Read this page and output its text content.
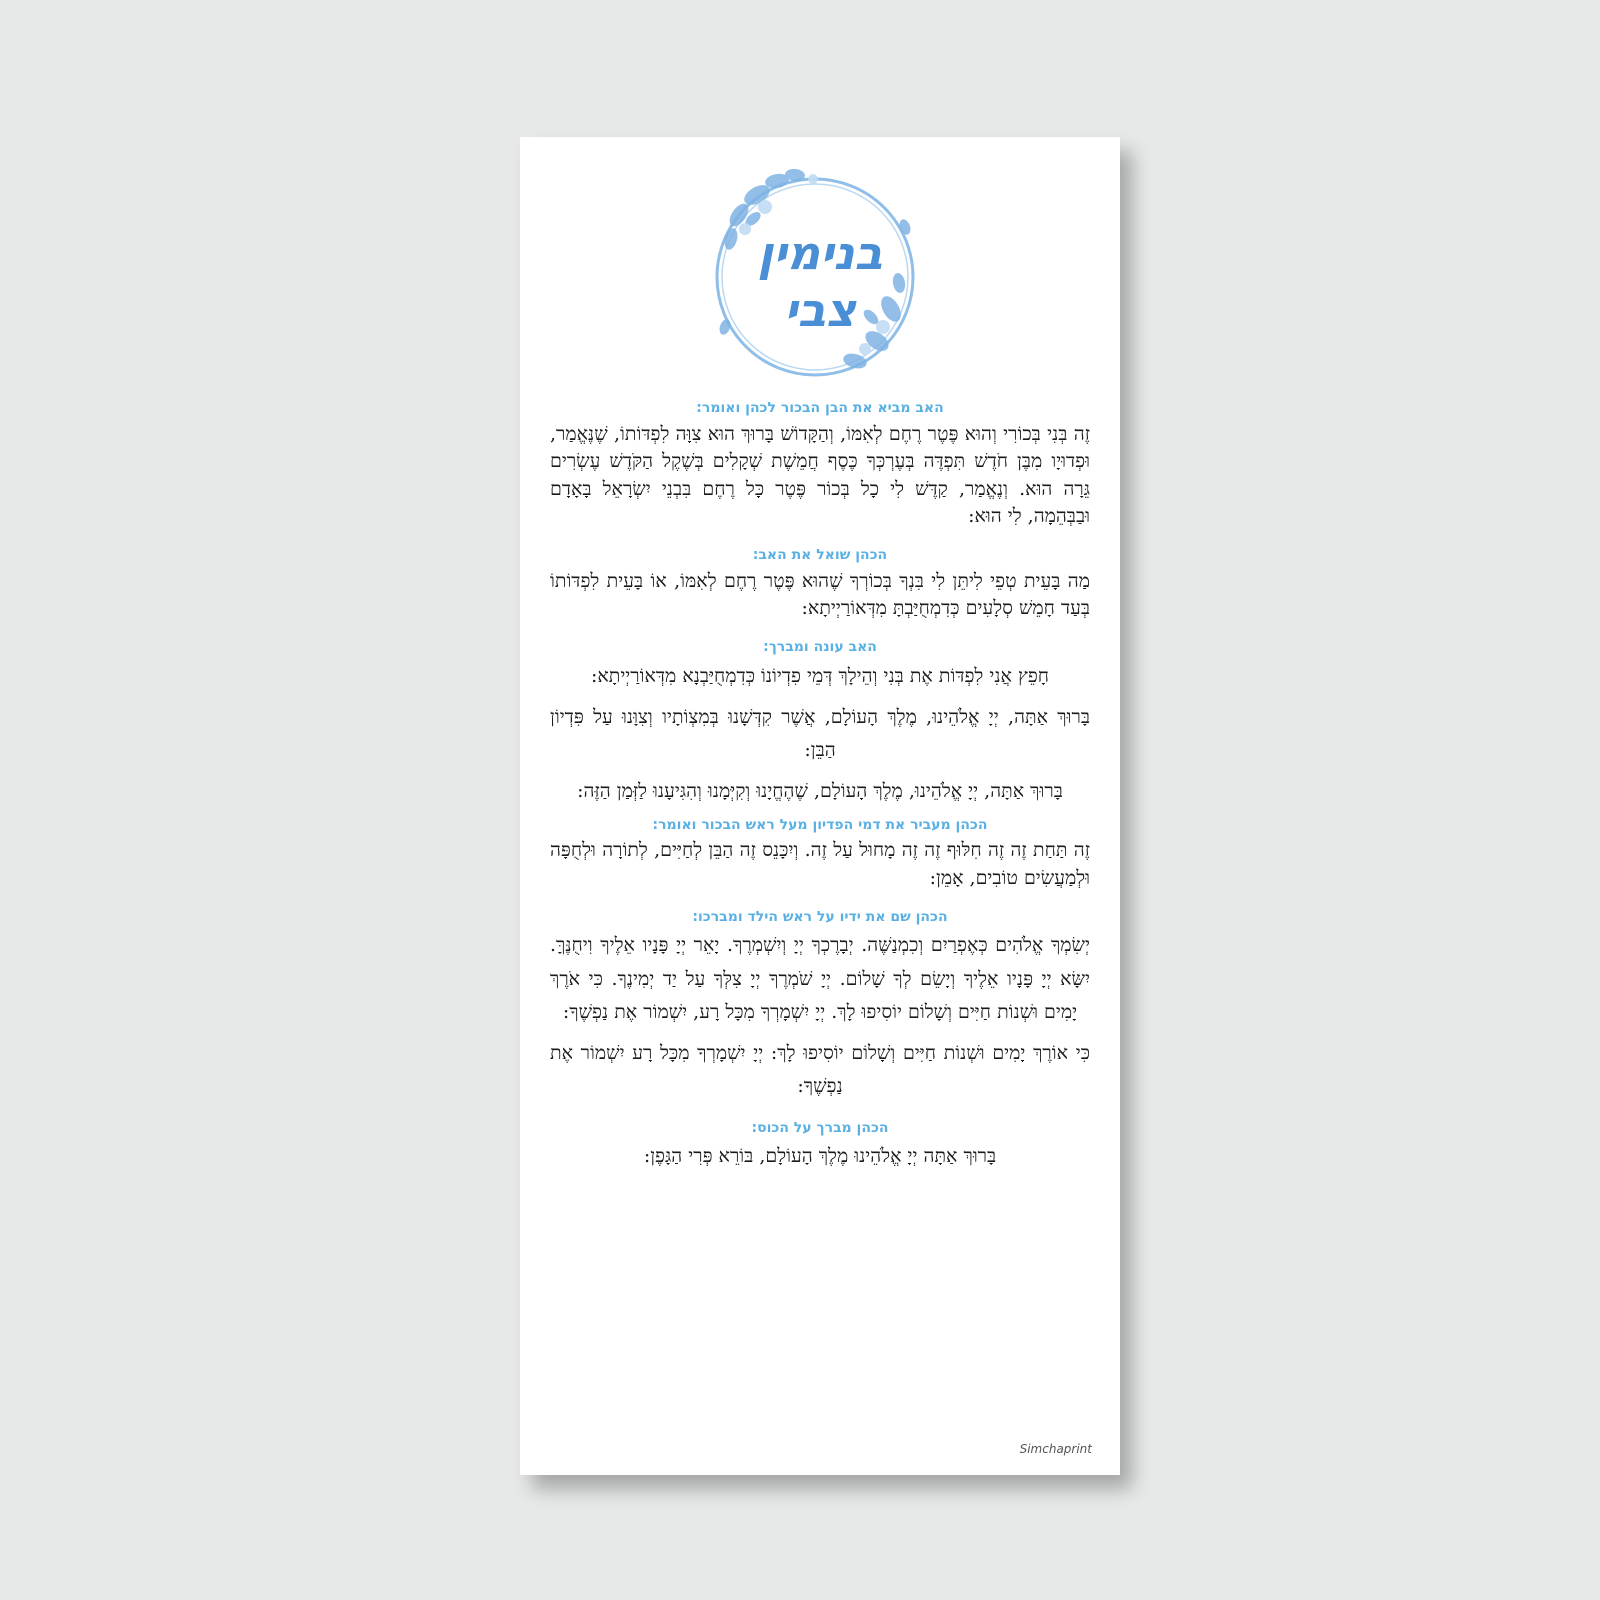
בנימין
צבי
האב מביא את הבן הבכור לכהן ואומר:

זֶה בְּנִי בְּכוֹרִי וְהוּא פֶּטֶר רֶחֶם לְאִמּוֹ, וְהַקָּדוֹשׁ בָּרוּךְ הוּא צִוָּה לִפְדּוֹתוֹ, שֶׁנֶּאֱמַר, וּפְדוּיָו מִבֶּן חֹדֶשׁ תִּפְדֶּה בְּעֶרְכְּךָ כֶּסֶף חֲמֵשֶׁת שְׁקָלִים בְּשֶׁקֶל הַקֹּדֶשׁ עֶשְׂרִים גֵּרָה הוּא. וְנֶאֱמַר, קַדֶּשׁ לִי כָל בְּכוֹר פֶּטֶר כָּל רֶחֶם בִּבְנֵי יִשְׂרָאֵל בָּאָדָם וּבַבְּהֵמָה, לִי הוּא:

הכהן שואל את האב:

מַה בָּעֵית טְפֵי לִיתֵּן לִי בִּנְךָ בְּכוֹרְךָ שֶׁהוּא פֶּטֶר רֶחֶם לְאִמּוֹ, אוֹ בָּעֵית לִפְדּוֹתוֹ בְּעַד חָמֵשׁ סְלָעִים כְּדִמְחֻיַּבְתָּ מִדְּאוֹרַיְיתָא:

האב עונה ומברך:

חָפֵץ אֲנִי לִפְדּוֹת אֶת בְּנִי וְהֵילָךְ דְּמֵי פִדְיוֹנוֹ כְּדִמְחֻיַּבְנָא מִדְּאוֹרַיְיתָא:

בָּרוּךְ אַתָּה, יְיָ אֱלֹהֵינוּ, מֶלֶךְ הָעוֹלָם, אֲשֶׁר קִדְּשָׁנוּ בְּמִצְוֹתָיו וְצִוָּנוּ עַל פִּדְיוֹן הַבֵּן:

בָּרוּךְ אַתָּה, יְיָ אֱלֹהֵינוּ, מֶלֶךְ הָעוֹלָם, שֶׁהֶחֱיָנוּ וְקִיְּמָנוּ וְהִגִּיעָנוּ לַזְּמַן הַזֶּה:

הכהן מעביר את דמי הפדיון מעל ראש הבכור ואומר:

זֶה תַּחַת זֶה זֶה חִלּוּף זֶה זֶה מָחוּל עַל זֶה. וְיִכָּנֵס זֶה הַבֵּן לְחַיִּים, לְתוֹרָה וּלְחֻפָּה וּלְמַעֲשִׂים טוֹבִים, אָמֵן:

הכהן שם את ידיו על ראש הילד ומברכו:

יְשִׂמְךָ אֱלֹהִים כְּאֶפְרַיִם וְכִמְנַשֶּׁה. יְבָרֶכְךָ יְיָ וְיִשְׁמְרֶךָ. יָאֵר יְיָ פָּנָיו אֵלֶיךָ וִיחֻנֶּךָּ. יִשָּׂא יְיָ פָּנָיו אֵלֶיךָ וְיָשֵׂם לְךָ שָׁלוֹם. יְיָ שֹׁמְרֶךָ יְיָ צִלְּךָ עַל יַד יְמִינֶךָ. כִּי אֹרֶךְ יָמִים וּשְׁנוֹת חַיִּים וְשָׁלוֹם יוֹסִיפוּ לָךְ. יְיָ יִשְׁמָרְךָ מִכָּל רָע, יִשְׁמוֹר אֶת נַפְשֶׁךָ:

כִּי אוֹרֶךְ יָמִים וּשְׁנוֹת חַיִּים וְשָׁלוֹם יוֹסִיפוּ לָךְ: יְיָ יִשְׁמָרְךָ מִכָּל רָע יִשְׁמוֹר אֶת נַפְשֶׁךָ:

הכהן מברך על הכוס:

בָּרוּךְ אַתָּה יְיָ אֱלֹהֵינוּ מֶלֶךְ הָעוֹלָם, בּוֹרֵא פְּרִי הַגָּפֶן:

Simchaprint
